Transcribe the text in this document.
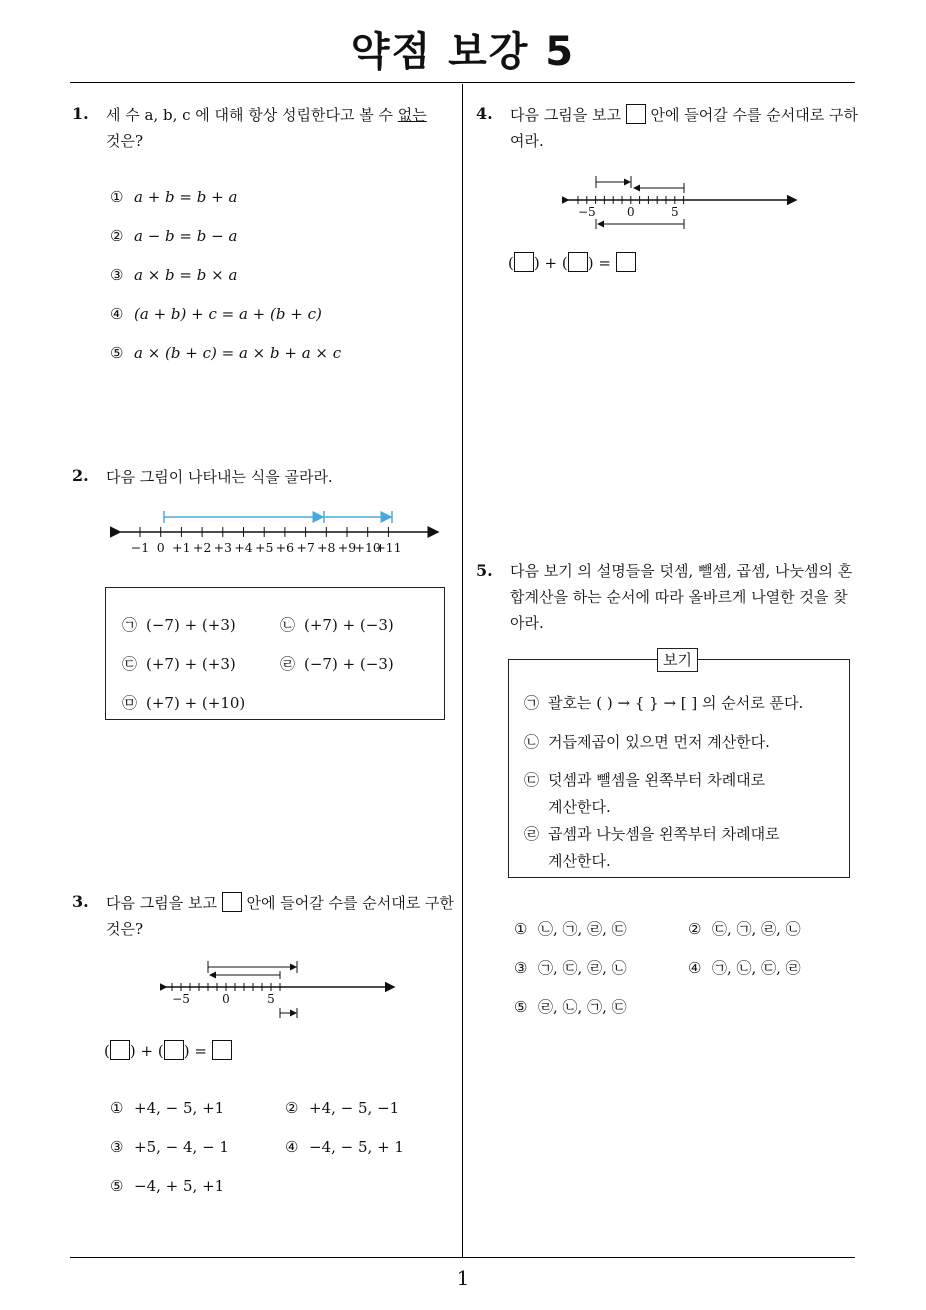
약점 보강 5
1
1. 세 수 a, b, c 에 대해 항상 성립한다고 볼 수 없는
것은?
① a + b = b + a
② a − b = b − a
③ a × b = b × a
④ (a + b) + c = a + (b + c)
⑤ a × (b + c) = a × b + a × c
2. 다음 그림이 나타내는 식을 골라라.
−1 0 +1 +2 +3 +4 +5 +6 +7 +8 +9
+10
+11
㉠ (−7) + (+3)	㉡ (+7) + (−3)
㉢ (+7) + (+3)	㉣ (−7) + (−3)
㉤ (+7) + (+10)
3. 다음 그림을 보고 안에 들어갈 수를 순서대로 구한
것은?
−5	0	5
( ) + ( ) =
① +4, − 5, +1	② +4, − 5, −1
③ +5, − 4, − 1	④ −4, − 5, + 1
⑤ −4, + 5, +1
4. 다음 그림을 보고 안에 들어갈 수를 순서대로 구하
여라.
−5	0	5
( ) + ( ) =
5. 다음 보기 의 설명들을 덧셈, 뺄셈, 곱셈, 나눗셈의 혼
합계산을 하는 순서에 따라 올바르게 나열한 것을 찾
아라.
보기
㉠ 괄호는 ( ) → { } → [ ] 의 순서로 푼다.
㉡ 거듭제곱이 있으면 먼저 계산한다.
㉢ 덧셈과 뺄셈을 왼쪽부터 차례대로
계산한다.
㉣ 곱셈과 나눗셈을 왼쪽부터 차례대로
계산한다.
① ㉡, ㉠, ㉣, ㉢	② ㉢, ㉠, ㉣, ㉡
③ ㉠, ㉢, ㉣, ㉡	④ ㉠, ㉡, ㉢, ㉣
⑤ ㉣, ㉡, ㉠, ㉢
